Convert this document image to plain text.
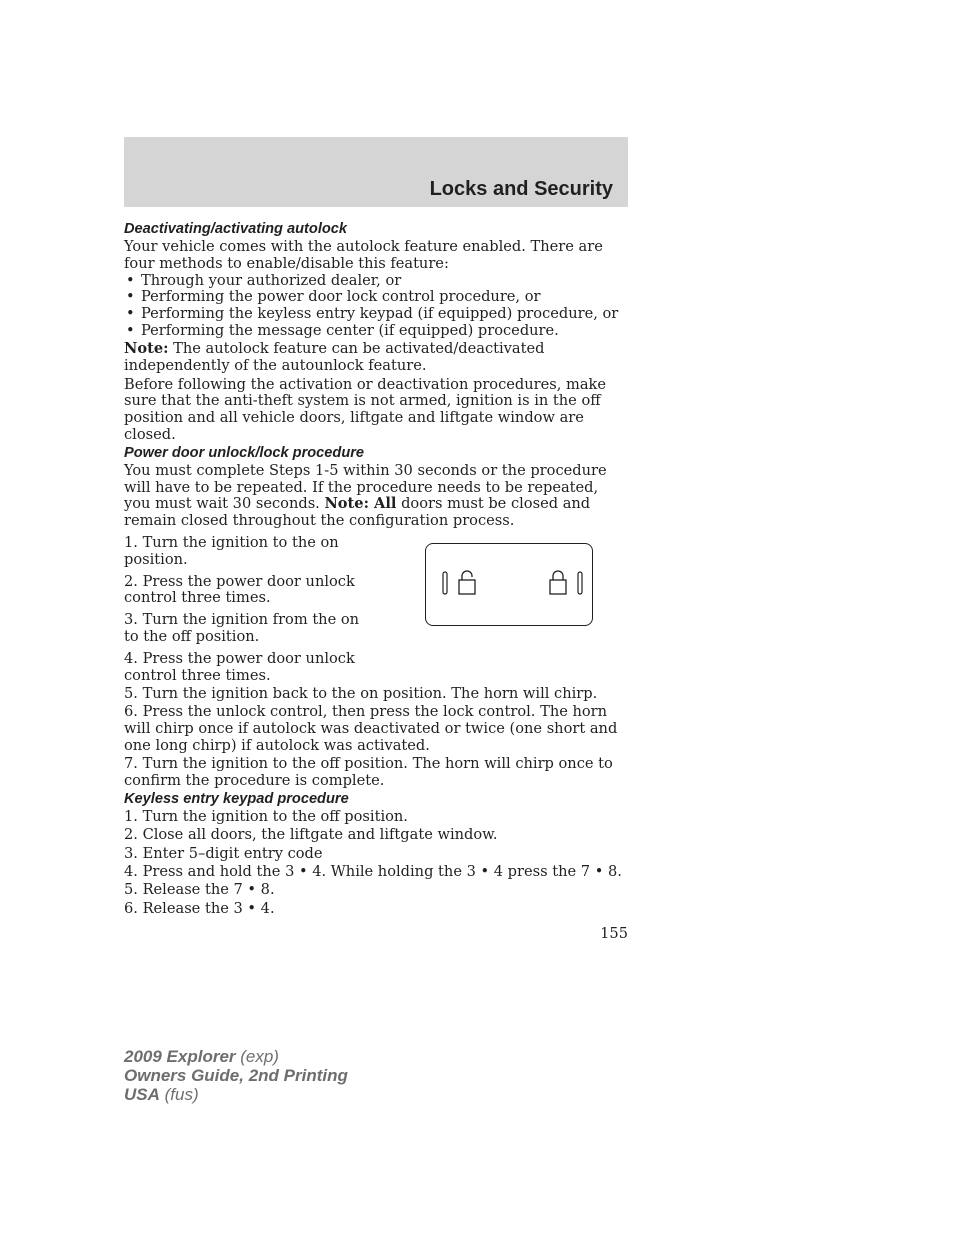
Locks and Security

Deactivating/activating autolock

Your vehicle comes with the autolock feature enabled. There are four methods to enable/disable this feature:

• Through your authorized dealer, or

• Performing the power door lock control procedure, or

• Performing the keyless entry keypad (if equipped) procedure, or

• Performing the message center (if equipped) procedure.

Note: The autolock feature can be activated/deactivated independently of the autounlock feature.

Before following the activation or deactivation procedures, make sure that the anti-theft system is not armed, ignition is in the off position and all vehicle doors, liftgate and liftgate window are closed.

Power door unlock/lock procedure

You must complete Steps 1-5 within 30 seconds or the procedure will have to be repeated. If the procedure needs to be repeated, you must wait 30 seconds. Note: All doors must be closed and remain closed throughout the configuration process.

1. Turn the ignition to the on position.

2. Press the power door unlock control three times.

3. Turn the ignition from the on to the off position.

4. Press the power door unlock control three times.

5. Turn the ignition back to the on position. The horn will chirp.

6. Press the unlock control, then press the lock control. The horn will chirp once if autolock was deactivated or twice (one short and one long chirp) if autolock was activated.

7. Turn the ignition to the off position. The horn will chirp once to confirm the procedure is complete.

Keyless entry keypad procedure

1. Turn the ignition to the off position.

2. Close all doors, the liftgate and liftgate window.

3. Enter 5–digit entry code

4. Press and hold the 3 • 4. While holding the 3 • 4 press the 7 • 8.

5. Release the 7 • 8.

6. Release the 3 • 4.

155
2009 Explorer (exp)
Owners Guide, 2nd Printing
USA (fus)
